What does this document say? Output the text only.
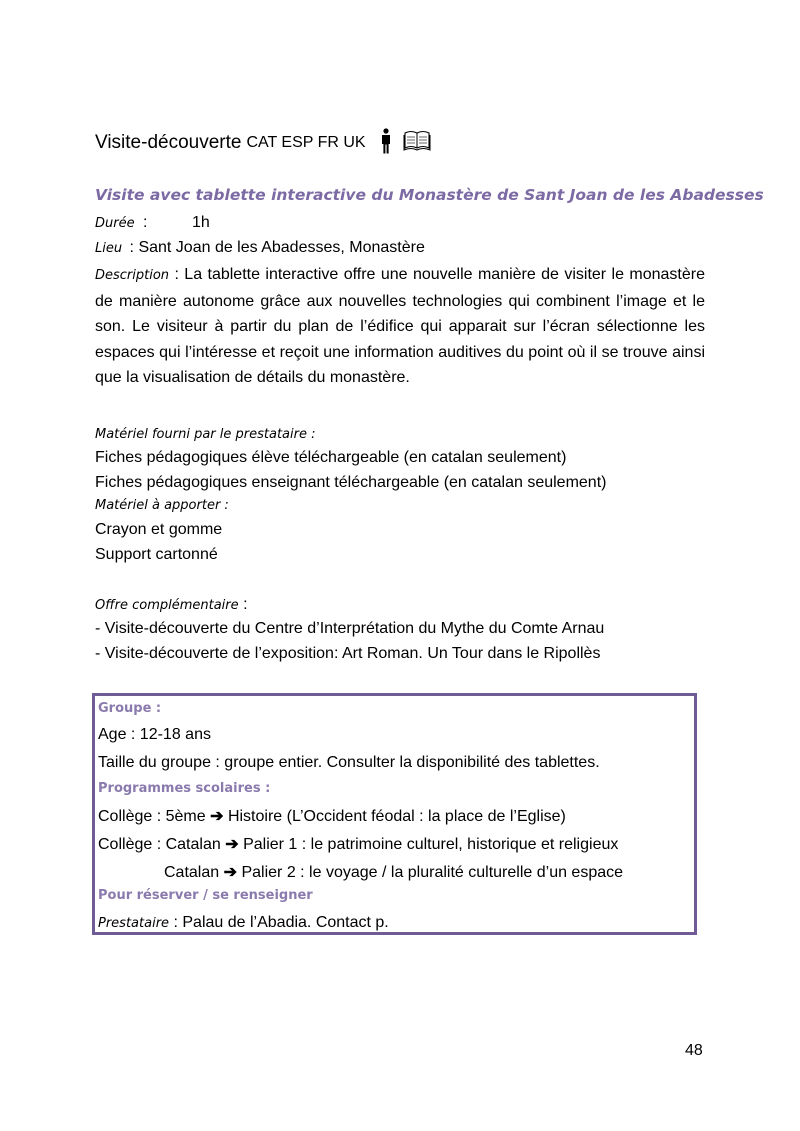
Visite-découverte CAT ESP FR UK
Visite avec tablette interactive du Monastère de Sant Joan de les Abadesses
Durée :	1h
Lieu : Sant Joan de les Abadesses, Monastère
Description : La tablette interactive offre une nouvelle manière de visiter le monastère de manière autonome grâce aux nouvelles technologies qui combinent l’image et le son. Le visiteur à partir du plan de l’édifice qui apparait sur l’écran sélectionne les espaces qui l’intéresse et reçoit une information auditives du point où il se trouve ainsi que la visualisation de détails du monastère.
Matériel fourni par le prestataire :
Fiches pédagogiques élève téléchargeable (en catalan seulement)
Fiches pédagogiques enseignant téléchargeable (en catalan seulement)
Matériel à apporter :
Crayon et gomme
Support cartonné
Offre complémentaire :
- Visite-découverte du Centre d’Interprétation du Mythe du Comte Arnau
- Visite-découverte de l’exposition: Art Roman. Un Tour dans le Ripollès
Groupe :
Age : 12-18 ans
Taille du groupe : groupe entier. Consulter la disponibilité des tablettes.
Programmes scolaires :
Collège : 5ème ➔ Histoire (L’Occident féodal : la place de l’Eglise)
Collège : Catalan ➔ Palier 1 : le patrimoine culturel, historique et religieux
Catalan ➔ Palier 2 : le voyage / la pluralité culturelle d’un espace
Pour réserver / se renseigner
Prestataire : Palau de l’Abadia. Contact p.
48
